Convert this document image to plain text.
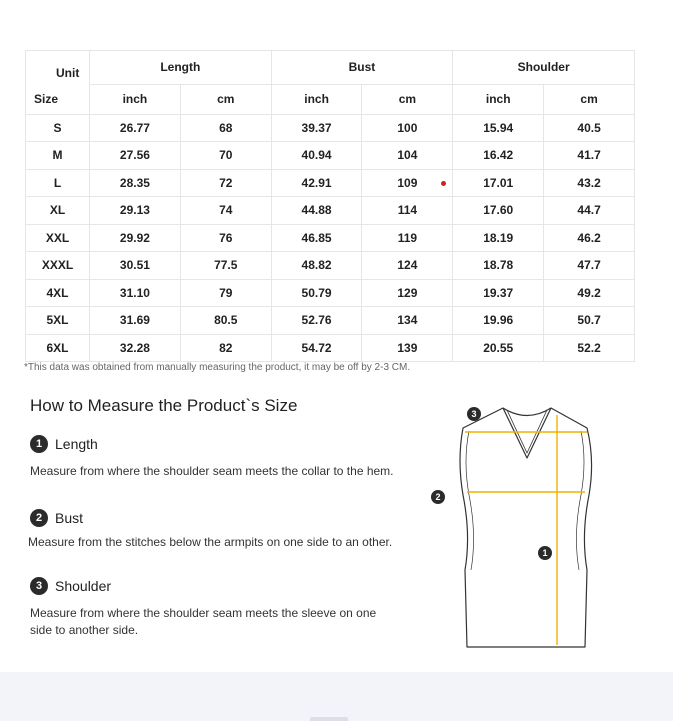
Unit	Length		Bust		Shoulder	
Size	inch	cm	inch	cm	inch	cm
S	26.77	68	39.37	100	15.94	40.5
M	27.56	70	40.94	104	16.42	41.7
L	28.35	72	42.91	109	17.01	43.2
XL	29.13	74	44.88	114	17.60	44.7
XXL	29.92	76	46.85	119	18.19	46.2
XXXL	30.51	77.5	48.82	124	18.78	47.7
4XL	31.10	79	50.79	129	19.37	49.2
5XL	31.69	80.5	52.76	134	19.96	50.7
6XL	32.28	82	54.72	139	20.55	52.2
*This data was obtained from manually measuring the product, it may be off by 2-3 CM.
How to Measure the Product`s Size
1 Length
Measure from where the shoulder seam meets the collar to the hem.
2 Bust
Measure from the stitches below the armpits on one side to an other.
3 Shoulder
Measure from where the shoulder seam meets the sleeve on one side to another side.
3
2
1
